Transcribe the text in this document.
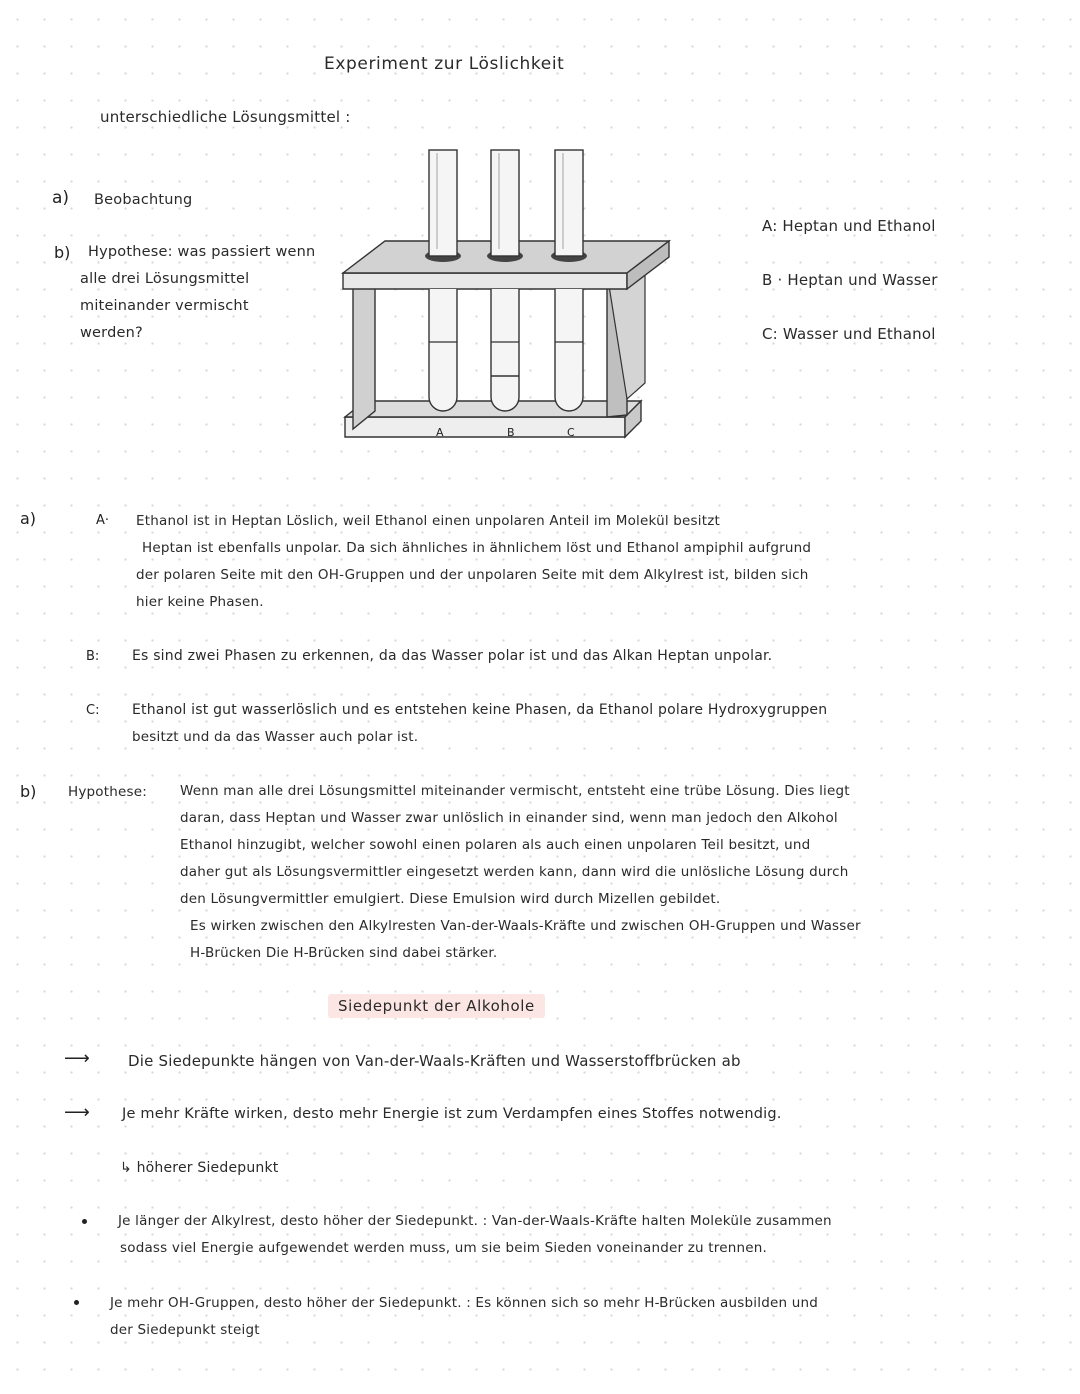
Experiment zur Löslichkeit
unterschiedliche Lösungsmittel :
a) Beobachtung
b) Hypothese: was passiert wenn
alle drei Lösungsmittel
miteinander vermischt
werden?
A	B	C
A: Heptan und Ethanol
B · Heptan und Wasser
C: Wasser und Ethanol
a)	A· Ethanol ist in Heptan Löslich, weil Ethanol einen unpolaren Anteil im Molekül besitzt
Heptan ist ebenfalls unpolar. Da sich ähnliches in ähnlichem löst und Ethanol ampiphil aufgrund
der polaren Seite mit den OH-Gruppen und der unpolaren Seite mit dem Alkylrest ist, bilden sich
hier keine Phasen.
B: Es sind zwei Phasen zu erkennen, da das Wasser polar ist und das Alkan Heptan unpolar.
C: Ethanol ist gut wasserlöslich und es entstehen keine Phasen, da Ethanol polare Hydroxygruppen
besitzt und da das Wasser auch polar ist.
b) Hypothese: Wenn man alle drei Lösungsmittel miteinander vermischt, entsteht eine trübe Lösung. Dies liegt
daran, dass Heptan und Wasser zwar unlöslich in einander sind, wenn man jedoch den Alkohol
Ethanol hinzugibt, welcher sowohl einen polaren als auch einen unpolaren Teil besitzt, und
daher gut als Lösungsvermittler eingesetzt werden kann, dann wird die unlösliche Lösung durch
den Lösungvermittler emulgiert. Diese Emulsion wird durch Mizellen gebildet.
Es wirken zwischen den Alkylresten Van-der-Waals-Kräfte und zwischen OH-Gruppen und Wasser
H-Brücken Die H-Brücken sind dabei stärker.
Siedepunkt der Alkohole
⟶	Die Siedepunkte hängen von Van-der-Waals-Kräften und Wasserstoffbrücken ab
⟶ Je mehr Kräfte wirken, desto mehr Energie ist zum Verdampfen eines Stoffes notwendig.
↳ höherer Siedepunkt
Je länger der Alkylrest, desto höher der Siedepunkt. : Van-der-Waals-Kräfte halten Moleküle zusammen
sodass viel Energie aufgewendet werden muss, um sie beim Sieden voneinander zu trennen.
Je mehr OH-Gruppen, desto höher der Siedepunkt. : Es können sich so mehr H-Brücken ausbilden und
der Siedepunkt steigt
